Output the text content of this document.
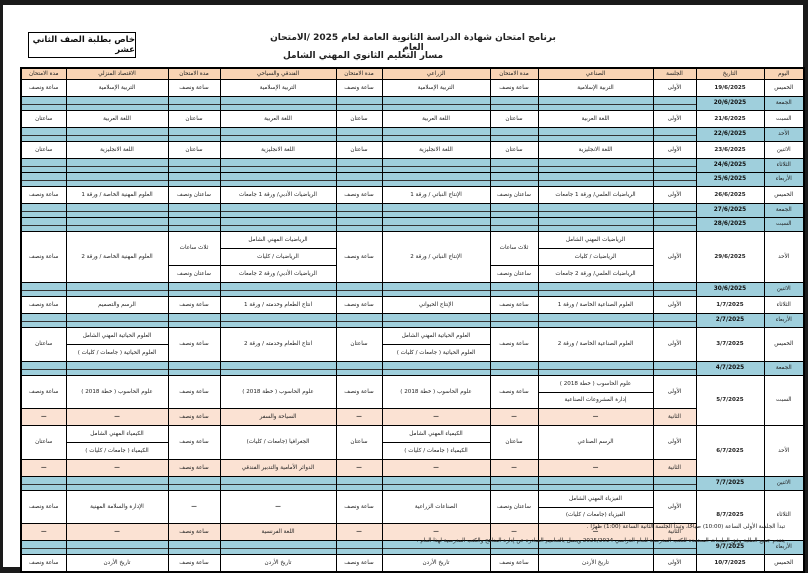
خاص بطلبة الصف الثاني عشر
برنامج امتحان شهادة الدراسة الثانوية العامة لعام 2025 /الامتحان العام
مسار التعليم الثانوي المهني الشامل
اليوم	التاريخ	الجلسة	الصناعي	مدة الامتحان	الزراعي	مدة الامتحان	الفندقي والسياحي	مدة الامتحان	الاقتصاد المنزلي	مدة الامتحان
الخميس	19/6/2025	الأولى	التربية الإسلامية	ساعة ونصف	التربية الإسلامية	ساعة ونصف	التربية الإسلامية	ساعة ونصف	التربية الإسلامية	ساعة ونصف
الجمعة	20/6/2025									
السبت	21/6/2025	الأولى	اللغة العربية	ساعتان	اللغة العربية	ساعتان	اللغة العربية	ساعتان	اللغة العربية	ساعتان
الأحد	22/6/2025									
الاثنين	23/6/2025	الأولى	اللغة الانجليزية	ساعتان	اللغة الانجليزية	ساعتان	اللغة الانجليزية	ساعتان	اللغة الانجليزية	ساعتان
الثلاثاء	24/6/2025									
الأربعاء	25/6/2025									
الخميس	26/6/2025	الأولى	الرياضيات العلمي/ ورقة 1 جامعات	ساعتان ونصف	الإنتاج النباتي / ورقة 1	ساعة ونصف	الرياضيات الأدبي/ ورقة 1 جامعات	ساعتان ونصف	العلوم المهنية الخاصة / ورقة 1	ساعة ونصف
الجمعة	27/6/2025									
السبت	28/6/2025									
الأحد	29/6/2025	الأولى	الرياضيات المهني الشامل	ثلاث ساعات	الإنتاج النباتي / ورقة 2	ساعة ونصف	الرياضيات المهني الشامل	ثلاث ساعات	العلوم المهنية الخاصة / ورقة 2	ساعة ونصف
			الرياضيات / كليات				الرياضيات / كليات			
			الرياضيات العلمي/ ورقة 2 جامعات	ساعتان ونصف			الرياضيات الأدبي/ ورقة 2 جامعات	ساعتان ونصف		
الاثنين	30/6/2025									
الثلاثاء	1/7/2025	الأولى	العلوم الصناعية الخاصة / ورقة 1	ساعة ونصف	الإنتاج الحيواني	ساعة ونصف	انتاج الطعام وخدمته / ورقة 1	ساعة ونصف	الرسم والتصميم	ساعة ونصف
الأربعاء	2/7/2025									
الخميس	3/7/2025	الأولى	العلوم الصناعية الخاصة / ورقة 2	ساعة ونصف	العلوم الحياتية المهني الشامل	ساعتان	انتاج الطعام وخدمته / ورقة 2	ساعة ونصف	العلوم الحياتية المهني الشامل	ساعتان
					العلوم الحياتية ( جامعات / كليات )				العلوم الحياتية ( جامعات / كليات )	
الجمعة	4/7/2025									
السبت	5/7/2025	الأولى	علوم الحاسوب ( خطة 2018 )	ساعة ونصف	علوم الحاسوب ( خطة 2018 )	ساعة ونصف	علوم الحاسوب ( خطة 2018 )	ساعة ونصف	علوم الحاسوب ( خطة 2018 )	ساعة ونصف
			إدارة المشروعات الصناعية							
		الثانية	—	—	—	—	السياحة والسفر	ساعة ونصف	—	—
الأحد	6/7/2025	الأولى	الرسم الصناعي	ساعتان	الكيمياء المهني الشامل	ساعتان	الجغرافيا (جامعات / كليات)	ساعة ونصف	الكيمياء المهني الشامل	ساعتان
					الكيمياء ( جامعات / كليات )				الكيمياء ( جامعات / كليات )	
		الثانية	—	—	—	—	الدوائر الأمامية والتدبير الفندقي	ساعة ونصف	—	—
الاثنين	7/7/2025									
الثلاثاء	8/7/2025	الأولى	الفيزياء المهني الشامل	ساعتان ونصف	الصناعات الزراعية	ساعة ونصف	—	—	الإدارة والسلامة المهنية	ساعة ونصف
			الفيزياء (جامعات / كليات)							
		الثانية	—	—	—	—	اللغة الفرنسية	ساعة ونصف	—	—
الأربعاء	9/7/2025									
الخميس	10/7/2025	الأولى	تاريخ الأردن	ساعة ونصف	تاريخ الأردن	ساعة ونصف	تاريخ الأردن	ساعة ونصف	تاريخ الأردن	ساعة ونصف
تبدأ الجلسة الأولى الساعة (10:00) صباحًا، وتبدأ الجلسة الثانية الساعة (1:00) ظهرًا .
يتقدم جميع الطلبة وفق الطبعات المعتمدة للكتب المدرسية للعام الدراسي 2025/2024 ويعمل بالتعاميم الصادرة عن إدارة المناهج والكتب المدرسية لهذا العام .
